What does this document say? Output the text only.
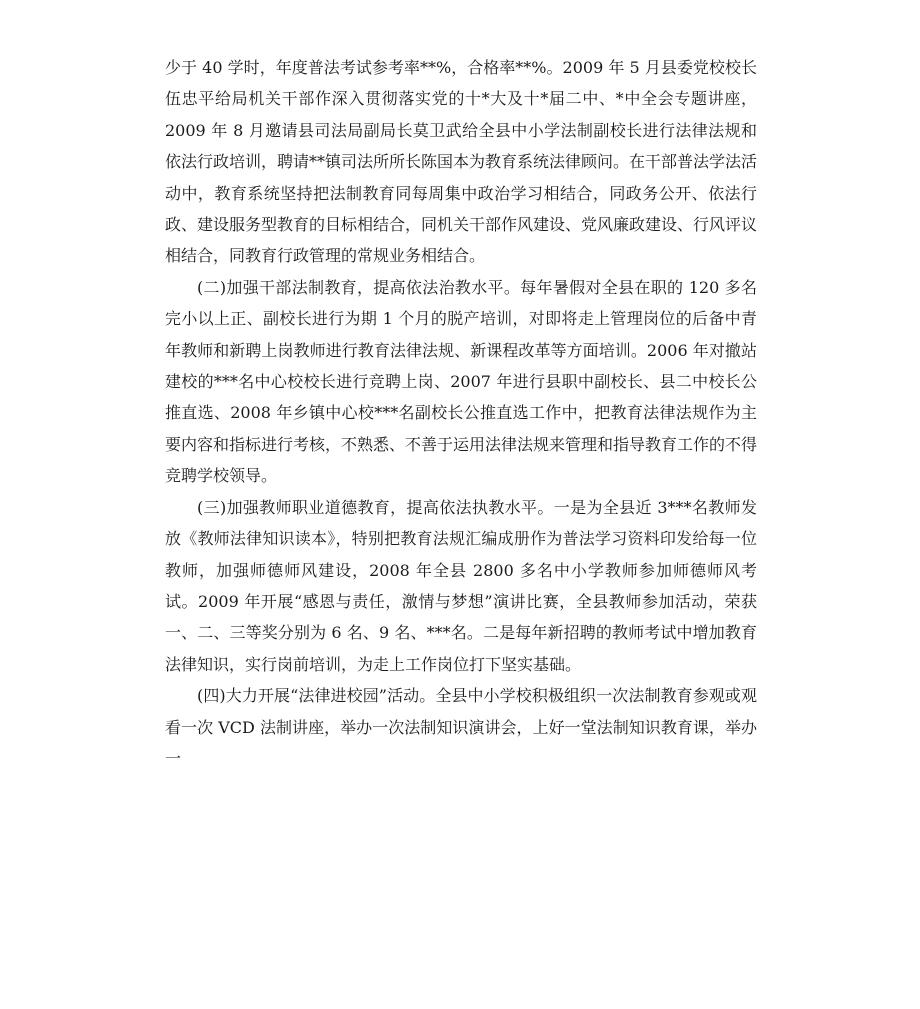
少于 40 学时，年度普法考试参考率**%，合格率**%。2009 年 5 月县委党校校长伍忠平给局机关干部作深入贯彻落实党的十*大及十*届二中、*中全会专题讲座，2009 年 8 月邀请县司法局副局长莫卫武给全县中小学法制副校长进行法律法规和依法行政培训，聘请**镇司法所所长陈国本为教育系统法律顾问。在干部普法学法活动中，教育系统坚持把法制教育同每周集中政治学习相结合，同政务公开、依法行政、建设服务型教育的目标相结合，同机关干部作风建设、党风廉政建设、行风评议相结合，同教育行政管理的常规业务相结合。

(二)加强干部法制教育，提高依法治教水平。每年暑假对全县在职的 120 多名完小以上正、副校长进行为期 1 个月的脱产培训，对即将走上管理岗位的后备中青年教师和新聘上岗教师进行教育法律法规、新课程改革等方面培训。2006 年对撤站建校的***名中心校校长进行竞聘上岗、2007 年进行县职中副校长、县二中校长公推直选、2008 年乡镇中心校***名副校长公推直选工作中，把教育法律法规作为主要内容和指标进行考核，不熟悉、不善于运用法律法规来管理和指导教育工作的不得竞聘学校领导。

(三)加强教师职业道德教育，提高依法执教水平。一是为全县近 3***名教师发放《教师法律知识读本》，特别把教育法规汇编成册作为普法学习资料印发给每一位教师，加强师德师风建设，2008 年全县 2800 多名中小学教师参加师德师风考试。2009 年开展“感恩与责任，激情与梦想”演讲比赛，全县教师参加活动，荣获一、二、三等奖分别为 6 名、9 名、***名。二是每年新招聘的教师考试中增加教育法律知识，实行岗前培训，为走上工作岗位打下坚实基础。

(四)大力开展“法律进校园”活动。全县中小学校积极组织一次法制教育参观或观看一次 VCD 法制讲座，举办一次法制知识演讲会，上好一堂法制知识教育课，举办一
